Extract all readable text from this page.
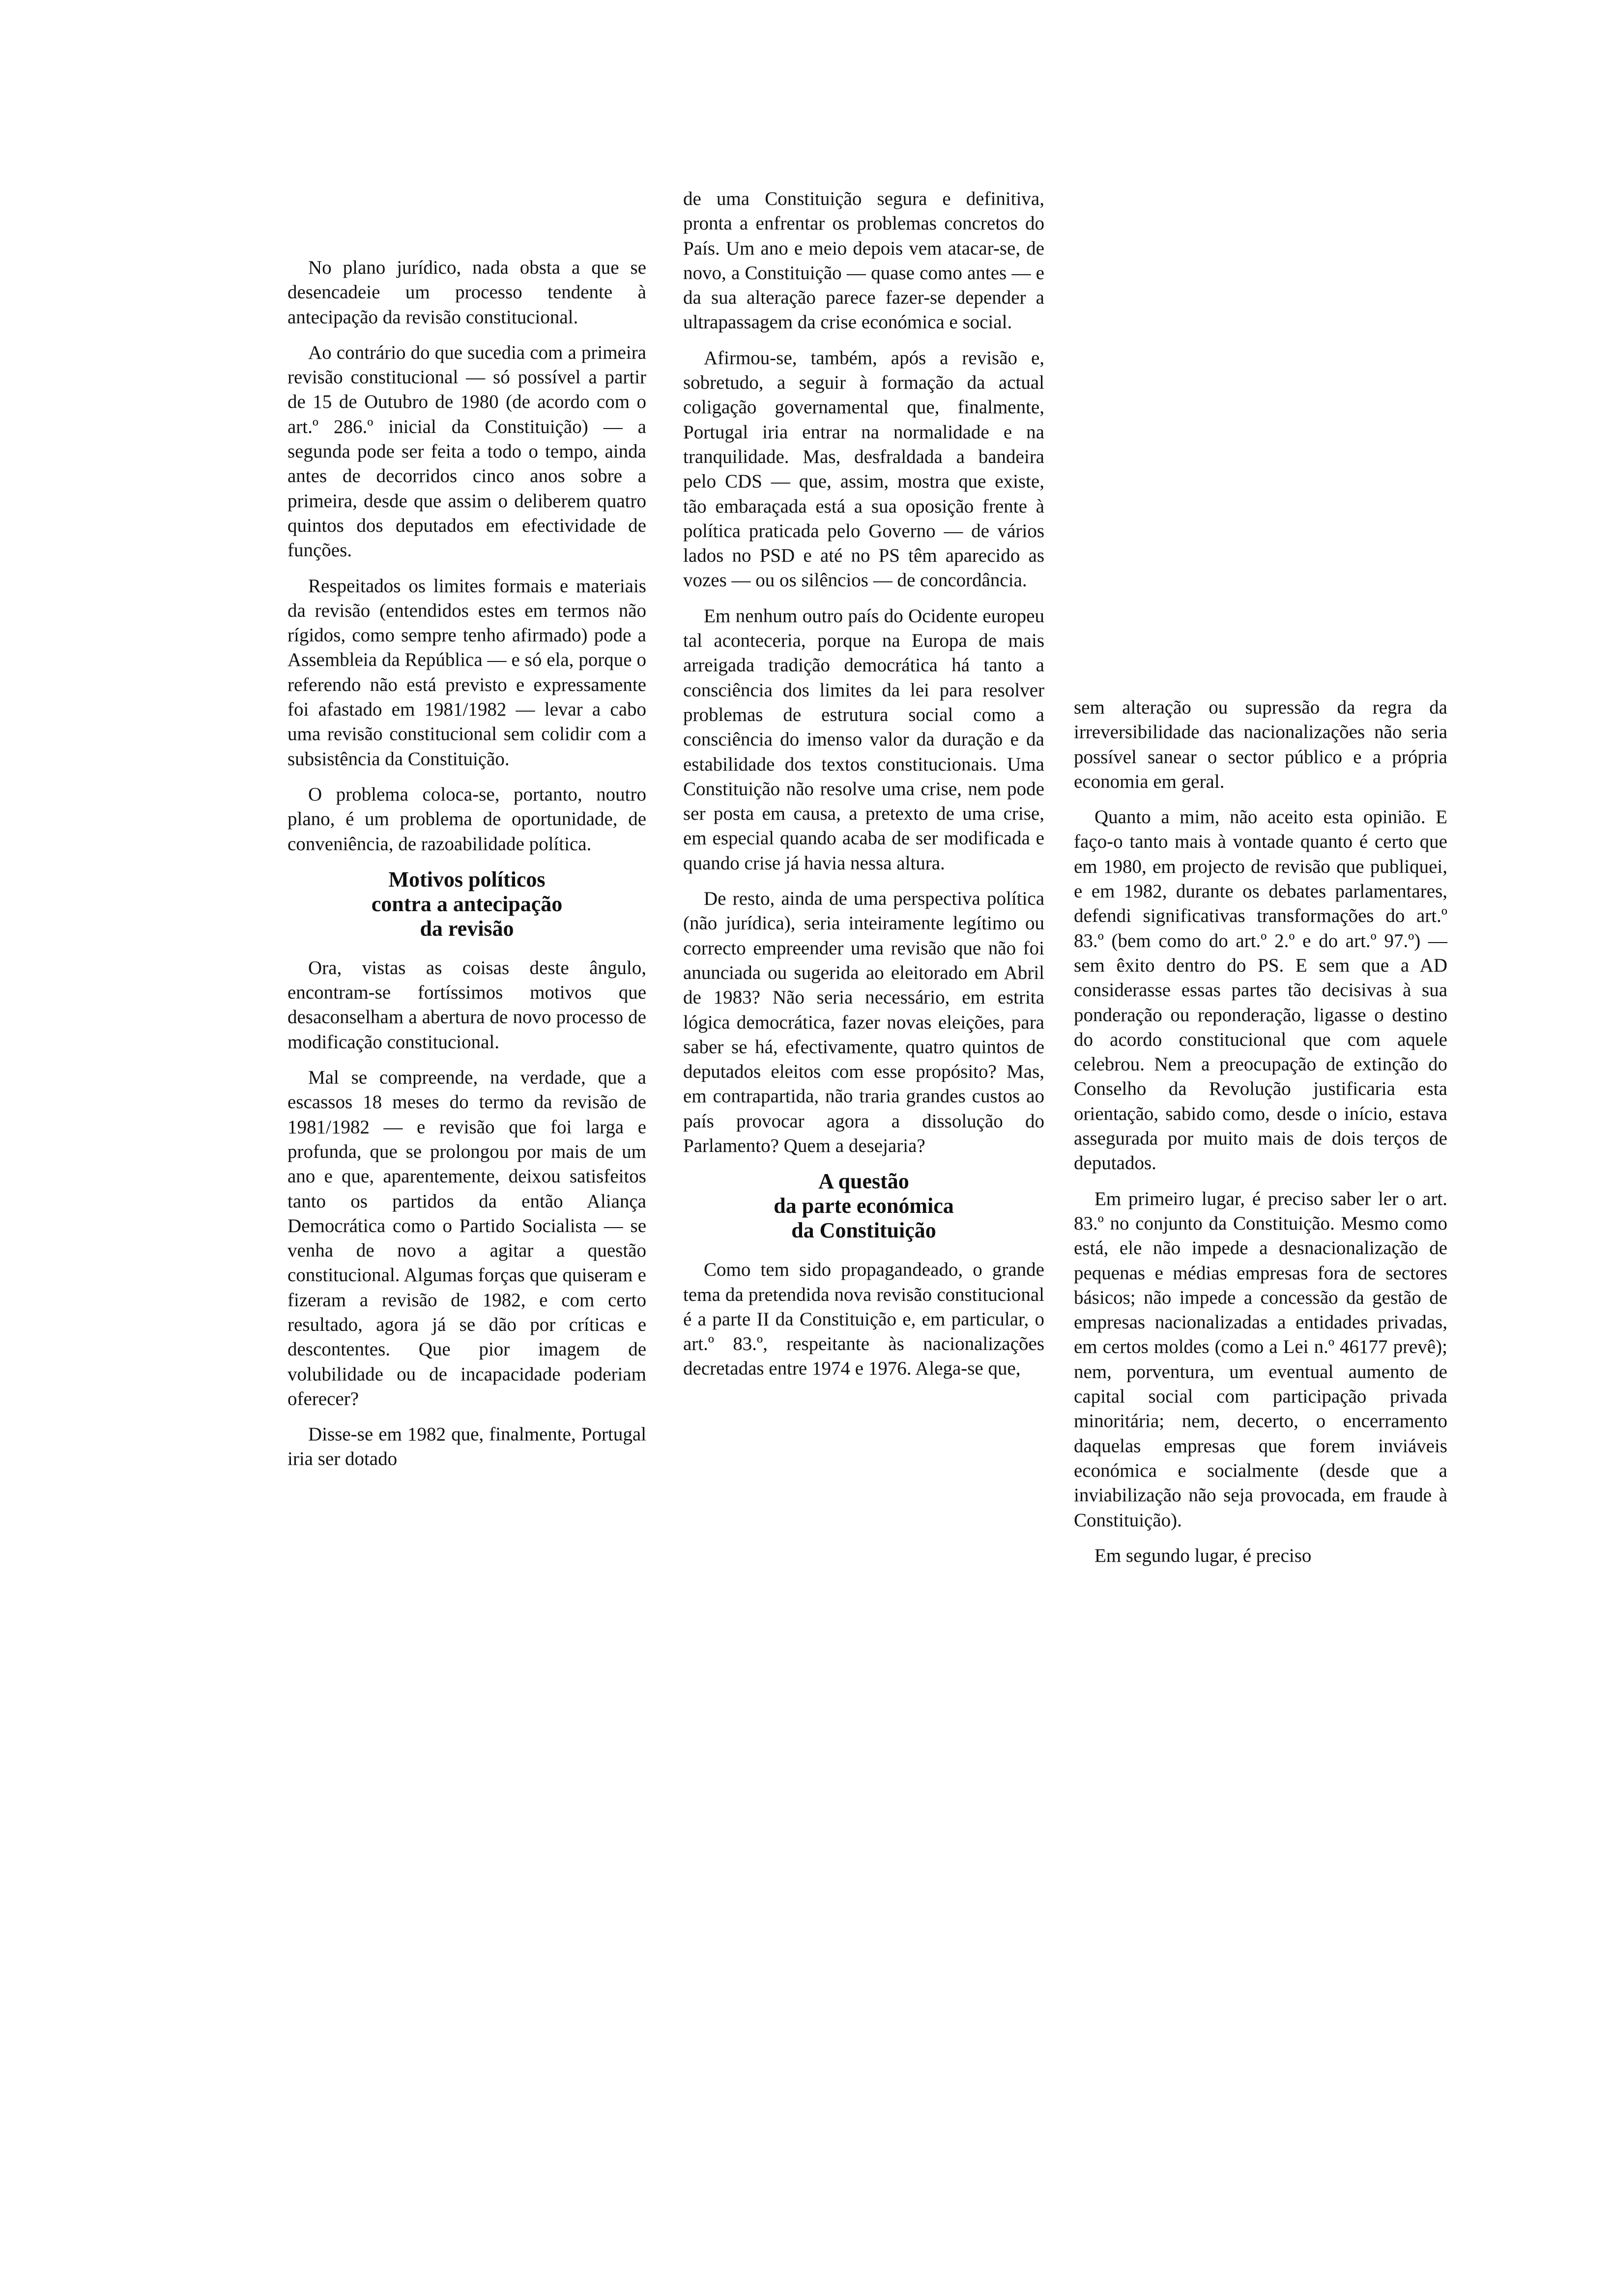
No plano jurídico, nada obsta a que se desencadeie um processo tendente à antecipação da revisão constitucional.

Ao contrário do que sucedia com a primeira revisão constitucional — só possível a partir de 15 de Outubro de 1980 (de acordo com o art.º 286.º inicial da Constituição) — a segunda pode ser feita a todo o tempo, ainda antes de decorridos cinco anos sobre a primeira, desde que assim o deliberem quatro quintos dos deputados em efectividade de funções.

Respeitados os limites formais e materiais da revisão (entendidos estes em termos não rígidos, como sempre tenho afirmado) pode a Assembleia da República — e só ela, porque o referendo não está previsto e expressamente foi afastado em 1981/1982 — levar a cabo uma revisão constitucional sem colidir com a subsistência da Constituição.

O problema coloca-se, portanto, noutro plano, é um problema de oportunidade, de conveniência, de razoabilidade política.

Motivos políticos
contra a antecipação
da revisão

Ora, vistas as coisas deste ângulo, encontram-se fortíssimos motivos que desaconselham a abertura de novo processo de modificação constitucional.

Mal se compreende, na verdade, que a escassos 18 meses do termo da revisão de 1981/1982 — e revisão que foi larga e profunda, que se prolongou por mais de um ano e que, aparentemente, deixou satisfeitos tanto os partidos da então Aliança Democrática como o Partido Socialista — se venha de novo a agitar a questão constitucional. Algumas forças que quiseram e fizeram a revisão de 1982, e com certo resultado, agora já se dão por críticas e descontentes. Que pior imagem de volubilidade ou de incapacidade poderiam oferecer?

Disse-se em 1982 que, finalmente, Portugal iria ser dotado

de uma Constituição segura e definitiva, pronta a enfrentar os problemas concretos do País. Um ano e meio depois vem atacar-se, de novo, a Constituição — quase como antes — e da sua alteração parece fazer-se depender a ultrapassagem da crise económica e social.

Afirmou-se, também, após a revisão e, sobretudo, a seguir à formação da actual coligação governamental que, finalmente, Portugal iria entrar na normalidade e na tranquilidade. Mas, desfraldada a bandeira pelo CDS — que, assim, mostra que existe, tão embaraçada está a sua oposição frente à política praticada pelo Governo — de vários lados no PSD e até no PS têm aparecido as vozes — ou os silêncios — de concordância.

Em nenhum outro país do Ocidente europeu tal aconteceria, porque na Europa de mais arreigada tradição democrática há tanto a consciência dos limites da lei para resolver problemas de estrutura social como a consciência do imenso valor da duração e da estabilidade dos textos constitucionais. Uma Constituição não resolve uma crise, nem pode ser posta em causa, a pretexto de uma crise, em especial quando acaba de ser modificada e quando crise já havia nessa altura.

De resto, ainda de uma perspectiva política (não jurídica), seria inteiramente legítimo ou correcto empreender uma revisão que não foi anunciada ou sugerida ao eleitorado em Abril de 1983? Não seria necessário, em estrita lógica democrática, fazer novas eleições, para saber se há, efectivamente, quatro quintos de deputados eleitos com esse propósito? Mas, em contrapartida, não traria grandes custos ao país provocar agora a dissolução do Parlamento? Quem a desejaria?

A questão
da parte económica
da Constituição

Como tem sido propagandeado, o grande tema da pretendida nova revisão constitucional é a parte II da Constituição e, em particular, o art.º 83.º, respeitante às nacionalizações decretadas entre 1974 e 1976. Alega-se que,

sem alteração ou supressão da regra da irreversibilidade das nacionalizações não seria possível sanear o sector público e a própria economia em geral.

Quanto a mim, não aceito esta opinião. E faço-o tanto mais à vontade quanto é certo que em 1980, em projecto de revisão que publiquei, e em 1982, durante os debates parlamentares, defendi significativas transformações do art.º 83.º (bem como do art.º 2.º e do art.º 97.º) — sem êxito dentro do PS. E sem que a AD considerasse essas partes tão decisivas à sua ponderação ou reponderação, ligasse o destino do acordo constitucional que com aquele celebrou. Nem a preocupação de extinção do Conselho da Revolução justificaria esta orientação, sabido como, desde o início, estava assegurada por muito mais de dois terços de deputados.

Em primeiro lugar, é preciso saber ler o art. 83.º no conjunto da Constituição. Mesmo como está, ele não impede a desnacionalização de pequenas e médias empresas fora de sectores básicos; não impede a concessão da gestão de empresas nacionalizadas a entidades privadas, em certos moldes (como a Lei n.º 46177 prevê); nem, porventura, um eventual aumento de capital social com participação privada minoritária; nem, decerto, o encerramento daquelas empresas que forem inviáveis económica e socialmente (desde que a inviabilização não seja provocada, em fraude à Constituição).

Em segundo lugar, é preciso
